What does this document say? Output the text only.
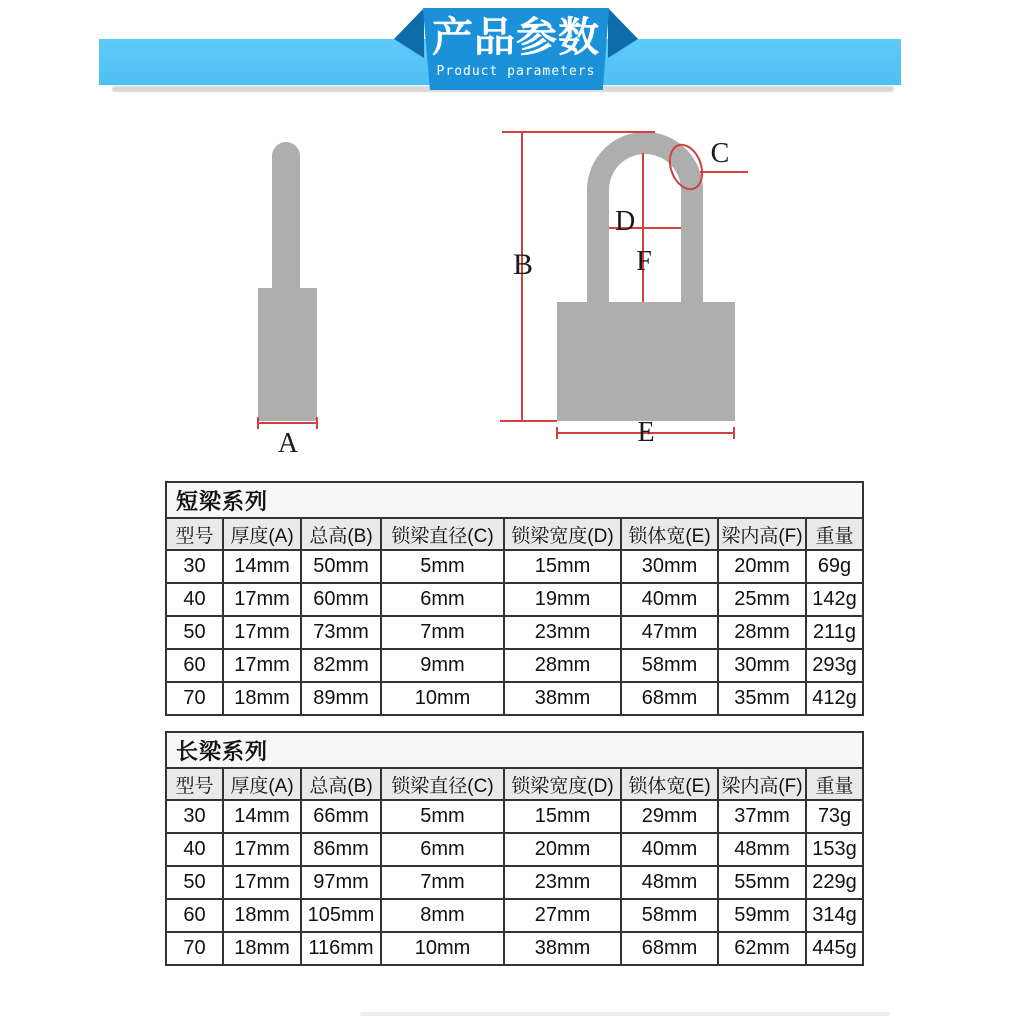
产品参数
Product parameters
A
B
C
D
F
E
短梁系列							
型号	厚度(A)	总高(B)	锁梁直径(C)	锁梁宽度(D)	锁体宽(E)	梁内高(F)	重量
30	14mm	50mm	5mm	15mm	30mm	20mm	69g
40	17mm	60mm	6mm	19mm	40mm	25mm	142g
50	17mm	73mm	7mm	23mm	47mm	28mm	211g
60	17mm	82mm	9mm	28mm	58mm	30mm	293g
70	18mm	89mm	10mm	38mm	68mm	35mm	412g
长梁系列							
型号	厚度(A)	总高(B)	锁梁直径(C)	锁梁宽度(D)	锁体宽(E)	梁内高(F)	重量
30	14mm	66mm	5mm	15mm	29mm	37mm	73g
40	17mm	86mm	6mm	20mm	40mm	48mm	153g
50	17mm	97mm	7mm	23mm	48mm	55mm	229g
60	18mm	105mm	8mm	27mm	58mm	59mm	314g
70	18mm	116mm	10mm	38mm	68mm	62mm	445g
